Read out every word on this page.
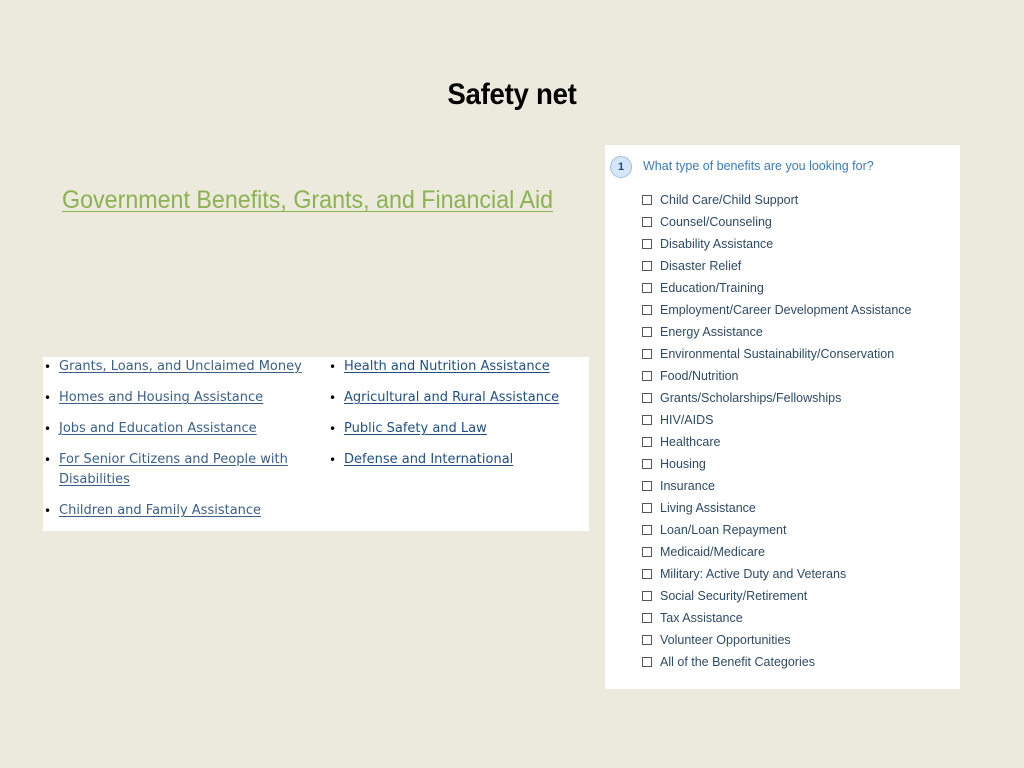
Safety net
Government Benefits, Grants, and Financial Aid
• Grants, Loans, and Unclaimed Money
• Homes and Housing Assistance
• Jobs and Education Assistance
• For Senior Citizens and People with Disabilities
• Children and Family Assistance
• Health and Nutrition Assistance
• Agricultural and Rural Assistance
• Public Safety and Law
• Defense and International
1	What type of benefits are you looking for?
Child Care/Child Support
Counsel/Counseling
Disability Assistance
Disaster Relief
Education/Training
Employment/Career Development Assistance
Energy Assistance
Environmental Sustainability/Conservation
Food/Nutrition
Grants/Scholarships/Fellowships
HIV/AIDS
Healthcare
Housing
Insurance
Living Assistance
Loan/Loan Repayment
Medicaid/Medicare
Military: Active Duty and Veterans
Social Security/Retirement
Tax Assistance
Volunteer Opportunities
All of the Benefit Categories
